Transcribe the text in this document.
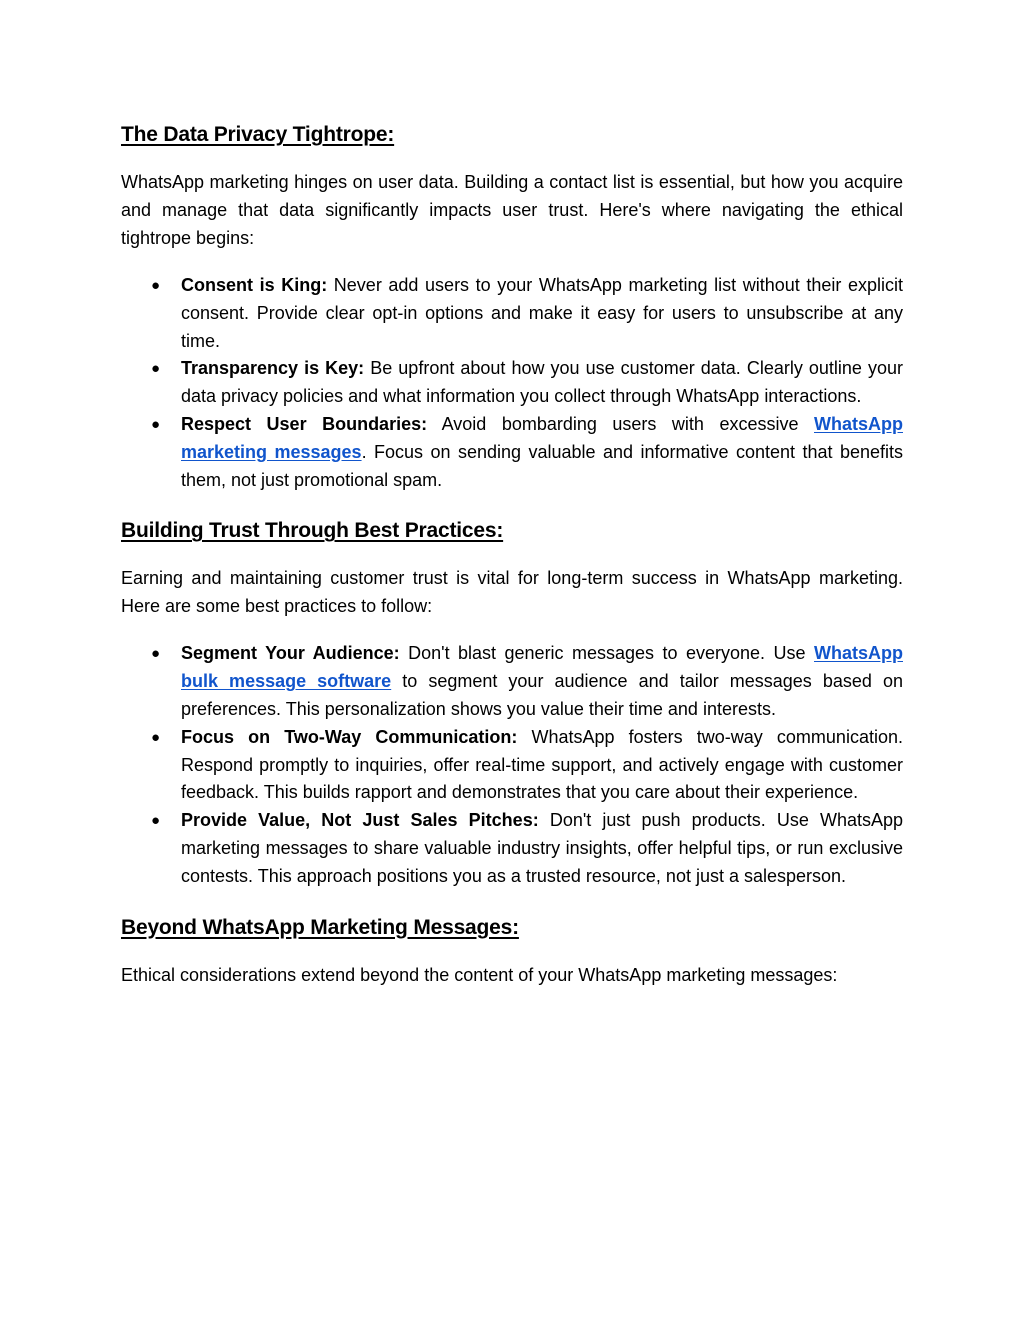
The Data Privacy Tightrope:

WhatsApp marketing hinges on user data. Building a contact list is essential, but how you acquire and manage that data significantly impacts user trust. Here's where navigating the ethical tightrope begins:

● Consent is King: Never add users to your WhatsApp marketing list without their explicit consent. Provide clear opt-in options and make it easy for users to unsubscribe at any time.
● Transparency is Key: Be upfront about how you use customer data. Clearly outline your data privacy policies and what information you collect through WhatsApp interactions.
● Respect User Boundaries: Avoid bombarding users with excessive WhatsApp marketing messages. Focus on sending valuable and informative content that benefits them, not just promotional spam.
Building Trust Through Best Practices:

Earning and maintaining customer trust is vital for long-term success in WhatsApp marketing. Here are some best practices to follow:

● Segment Your Audience: Don't blast generic messages to everyone. Use WhatsApp bulk message software to segment your audience and tailor messages based on preferences. This personalization shows you value their time and interests.
● Focus on Two-Way Communication: WhatsApp fosters two-way communication. Respond promptly to inquiries, offer real-time support, and actively engage with customer feedback. This builds rapport and demonstrates that you care about their experience.
● Provide Value, Not Just Sales Pitches: Don't just push products. Use WhatsApp marketing messages to share valuable industry insights, offer helpful tips, or run exclusive contests. This approach positions you as a trusted resource, not just a salesperson.
Beyond WhatsApp Marketing Messages:

Ethical considerations extend beyond the content of your WhatsApp marketing messages:
